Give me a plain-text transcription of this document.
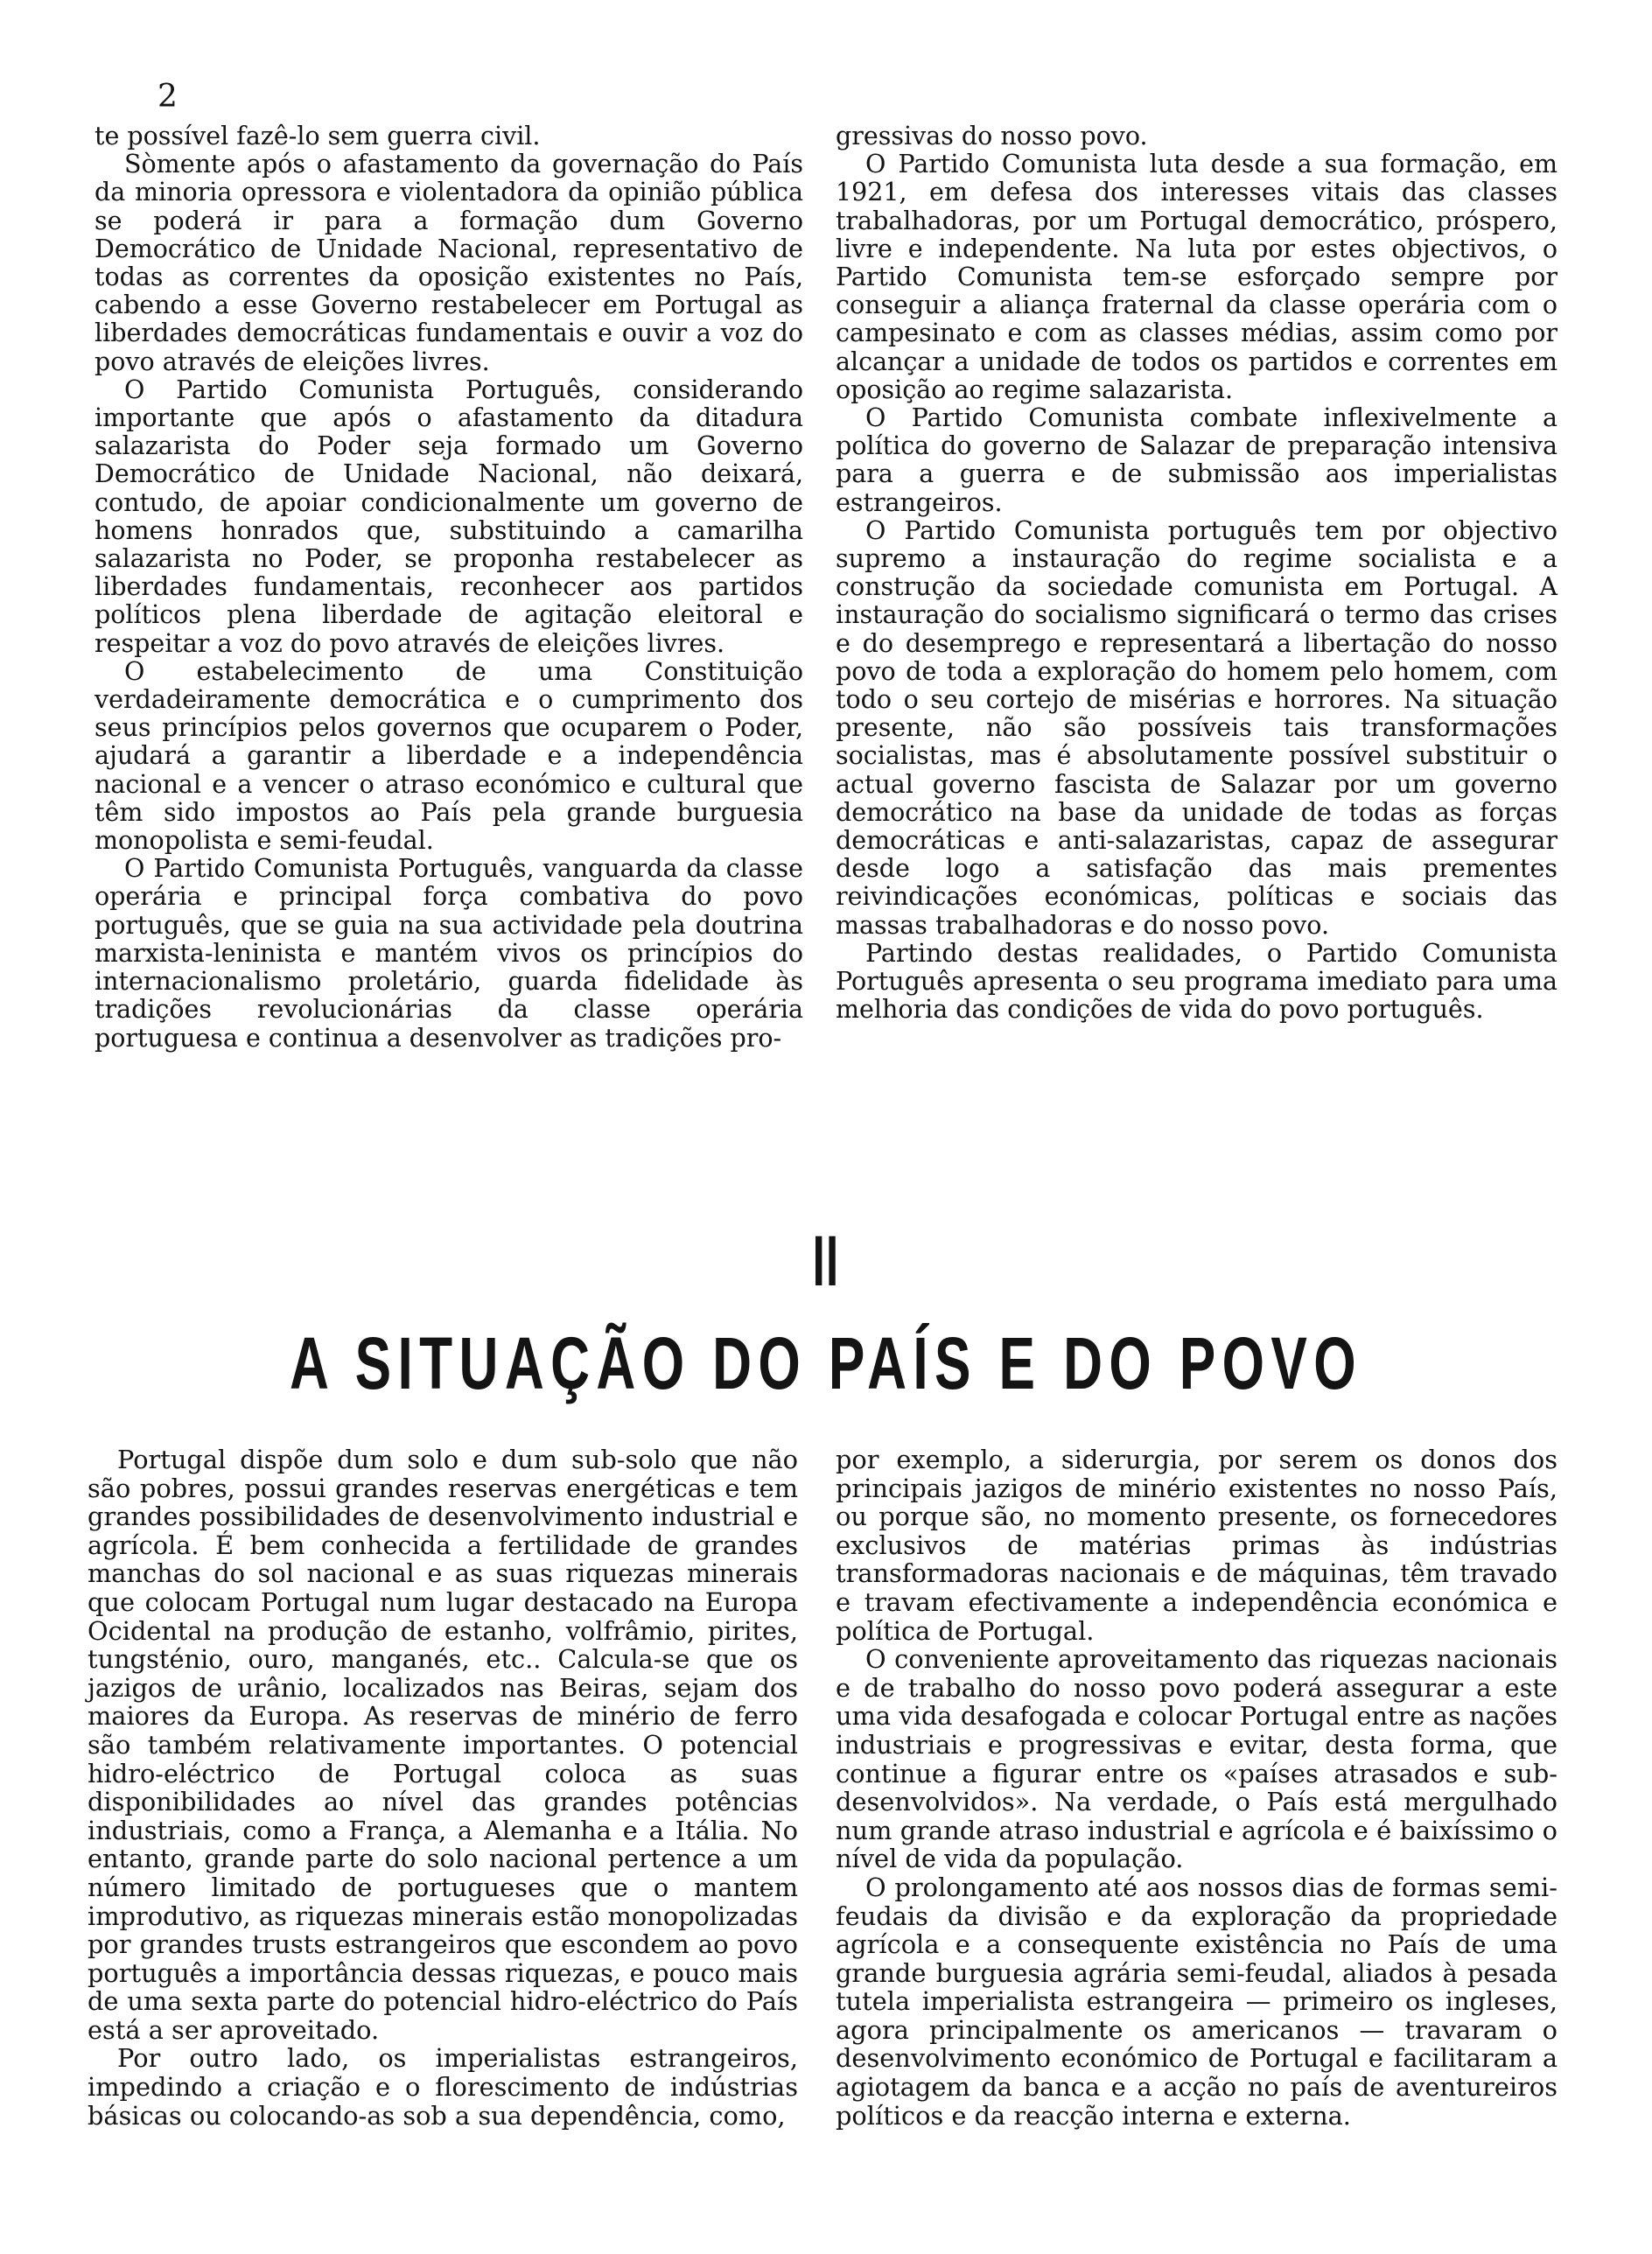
2

te possível fazê-lo sem guerra civil.

Sòmente após o afastamento da governação do País da minoria opressora e violentadora da opinião pública se poderá ir para a formação dum Governo Democrático de Unidade Nacional, representativo de todas as correntes da oposição existentes no País, cabendo a esse Governo restabelecer em Portugal as liberdades democráticas fundamentais e ouvir a voz do povo através de eleições livres.

O Partido Comunista Português, considerando importante que após o afastamento da ditadura salazarista do Poder seja formado um Governo Democrático de Unidade Nacional, não deixará, contudo, de apoiar condicionalmente um governo de homens honrados que, substituindo a camarilha salazarista no Poder, se proponha restabelecer as liberdades fundamentais, reconhecer aos partidos políticos plena liberdade de agitação eleitoral e respeitar a voz do povo através de eleições livres.

O estabelecimento de uma Constituição verdadeiramente democrática e o cumprimento dos seus princípios pelos governos que ocuparem o Poder, ajudará a garantir a liberdade e a independência nacional e a vencer o atraso económico e cultural que têm sido impostos ao País pela grande burguesia monopolista e semi-feudal.

O Partido Comunista Português, vanguarda da classe operária e principal força combativa do povo português, que se guia na sua actividade pela doutrina marxista-leninista e mantém vivos os princípios do internacionalismo proletário, guarda fidelidade às tradições revolucionárias da classe operária portuguesa e continua a desenvolver as tradições pro-

gressivas do nosso povo.

O Partido Comunista luta desde a sua formação, em 1921, em defesa dos interesses vitais das classes trabalhadoras, por um Portugal democrático, próspero, livre e independente. Na luta por estes objectivos, o Partido Comunista tem-se esforçado sempre por conseguir a aliança fraternal da classe operária com o campesinato e com as classes médias, assim como por alcançar a unidade de todos os partidos e correntes em oposição ao regime salazarista.

O Partido Comunista combate inflexivelmente a política do governo de Salazar de preparação intensiva para a guerra e de submissão aos imperialistas estrangeiros.

O Partido Comunista português tem por objectivo supremo a instauração do regime socialista e a construção da sociedade comunista em Portugal. A instauração do socialismo significará o termo das crises e do desemprego e representará a libertação do nosso povo de toda a exploração do homem pelo homem, com todo o seu cortejo de misérias e horrores. Na situação presente, não são possíveis tais transformações socialistas, mas é absolutamente possível substituir o actual governo fascista de Salazar por um governo democrático na base da unidade de todas as forças democráticas e anti-salazaristas, capaz de assegurar desde logo a satisfação das mais prementes reivindicações económicas, políticas e sociais das massas trabalhadoras e do nosso povo.

Partindo destas realidades, o Partido Comunista Português apresenta o seu programa imediato para uma melhoria das condições de vida do povo português.

II
A SITUAÇÃO DO PAÍS E DO POVO

Portugal dispõe dum solo e dum sub-solo que não são pobres, possui grandes reservas energéticas e tem grandes possibilidades de desenvolvimento industrial e agrícola. É bem conhecida a fertilidade de grandes manchas do sol nacional e as suas riquezas minerais que colocam Portugal num lugar destacado na Europa Ocidental na produção de estanho, volfrâmio, pirites, tungsténio, ouro, manganés, etc.. Calcula-se que os jazigos de urânio, localizados nas Beiras, sejam dos maiores da Europa. As reservas de minério de ferro são também relativamente importantes. O potencial hidro-eléctrico de Portugal coloca as suas disponibilidades ao nível das grandes potências industriais, como a França, a Alemanha e a Itália. No entanto, grande parte do solo nacional pertence a um número limitado de portugueses que o mantem improdutivo, as riquezas minerais estão monopolizadas por grandes trusts estrangeiros que escondem ao povo português a importância dessas riquezas, e pouco mais de uma sexta parte do potencial hidro-eléctrico do País está a ser aproveitado.

Por outro lado, os imperialistas estrangeiros, impedindo a criação e o florescimento de indústrias básicas ou colocando-as sob a sua dependência, como,

por exemplo, a siderurgia, por serem os donos dos principais jazigos de minério existentes no nosso País, ou porque são, no momento presente, os fornecedores exclusivos de matérias primas às indústrias transformadoras nacionais e de máquinas, têm travado e travam efectivamente a independência económica e política de Portugal.

O conveniente aproveitamento das riquezas nacionais e de trabalho do nosso povo poderá assegurar a este uma vida desafogada e colocar Portugal entre as nações industriais e progressivas e evitar, desta forma, que continue a figurar entre os «países atrasados e sub-desenvolvidos». Na verdade, o País está mergulhado num grande atraso industrial e agrícola e é baixíssimo o nível de vida da população.

O prolongamento até aos nossos dias de formas semi-feudais da divisão e da exploração da propriedade agrícola e a consequente existência no País de uma grande burguesia agrária semi-feudal, aliados à pesada tutela imperialista estrangeira — primeiro os ingleses, agora principalmente os americanos — travaram o desenvolvimento económico de Portugal e facilitaram a agiotagem da banca e a acção no país de aventureiros políticos e da reacção interna e externa.
